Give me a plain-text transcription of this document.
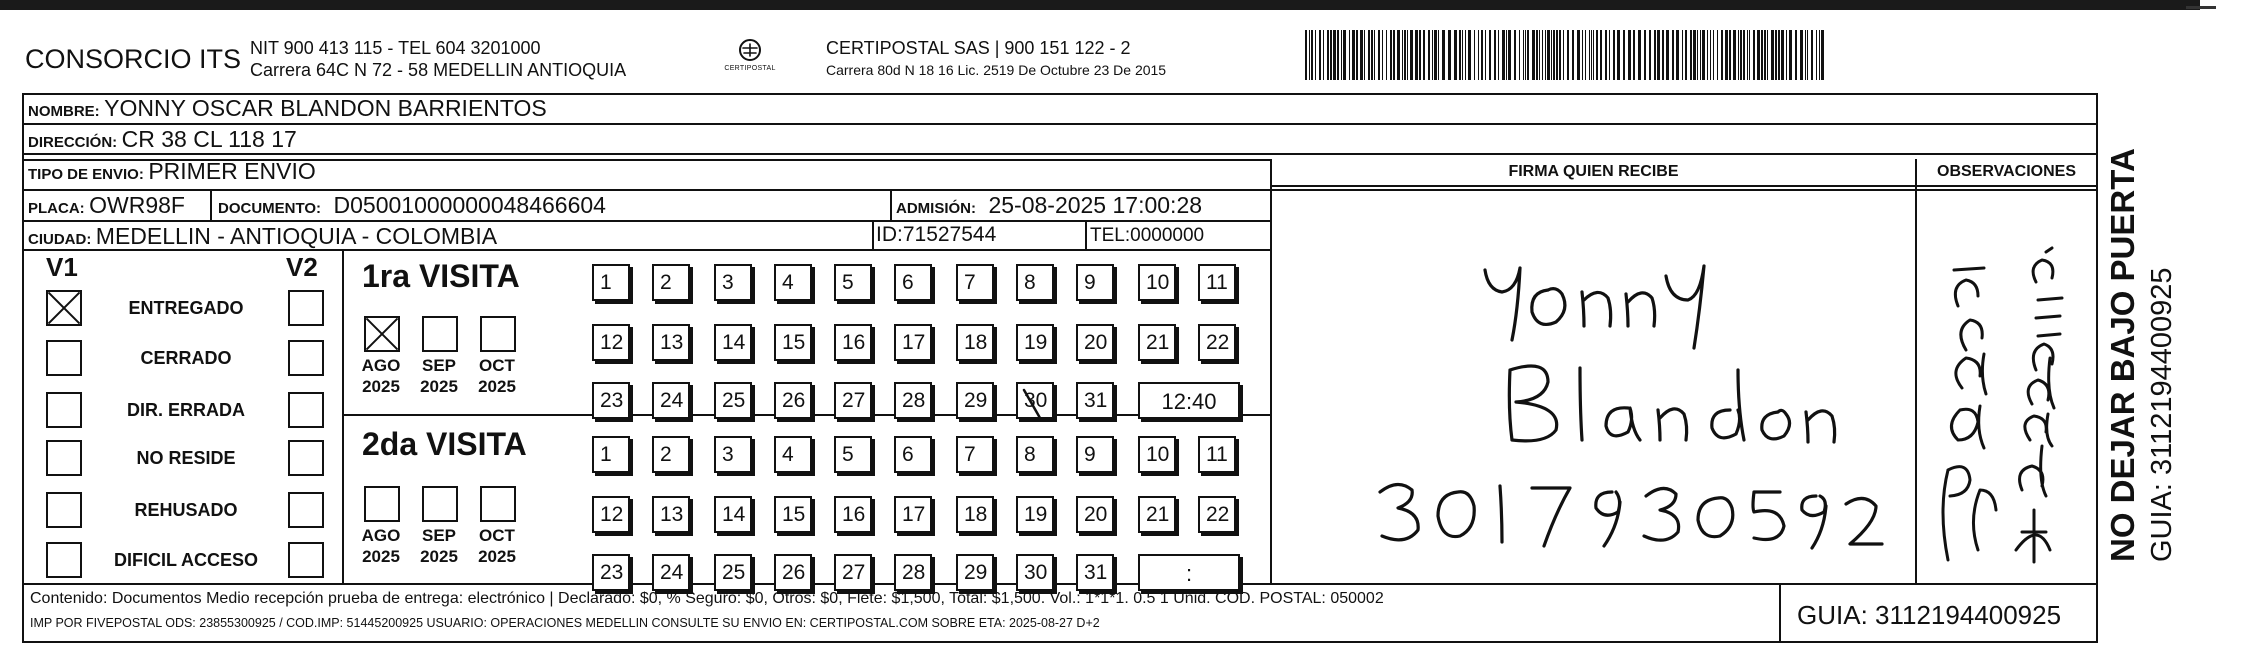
CONSORCIO ITS NIT 900 413 115 - TEL 604 3201000
Carrera 64C N 72 - 58 MEDELLIN ANTIOQUIA	CERTIPOSTAL
CERTIPOSTAL SAS | 900 151 122 - 2
Carrera 80d N 18 16 Lic. 2519 De Octubre 23 De 2015
NOMBRE: YONNY OSCAR BLANDON BARRIENTOS
DIRECCIÓN: CR 38 CL 118 17
TIPO DE ENVIO: PRIMER ENVIO
PLACA: OWR98F DOCUMENTO: D05001000000048466604	ADMISIÓN: 25-08-2025 17:00:28
CIUDAD: MEDELLIN - ANTIOQUIA - COLOMBIA	ID:71527544	TEL:0000000
FIRMA QUIEN RECIBE	OBSERVACIONES
V1	V2
ENTREGADO
CERRADO
DIR. ERRADA
NO RESIDE
REHUSADO
DIFICIL ACCESO
1ra VISITA
2da VISITA
AGO
2025
SEP
2025
OCT
2025
AGO
2025
SEP
2025
OCT
2025
1	2	3	4	5	6	7	8	9	10	11
12	13	14	15	16	17	18	19	20	21	22
23	24	25	26	27	28	29	30	31	12:40
1	2	3	4	5	6	7	8	9	10	11
12	13	14	15	16	17	18	19	20	21	22
23	24	25	26	27	28	29	30	31	:
Contenido: Documentos Medio recepción prueba de entrega: electrónico | Declarado: $0, % Seguro: $0, Otros: $0, Flete: $1,500, Total: $1,500. Vol.: 1*1*1. 0.5 1 Unid. COD. POSTAL: 050002
IMP POR FIVEPOSTAL ODS: 23855300925 / COD.IMP: 51445200925 USUARIO: OPERACIONES MEDELLIN CONSULTE SU ENVIO EN: CERTIPOSTAL.COM SOBRE ETA: 2025-08-27 D+2	GUIA: 3112194400925
NO DEJAR BAJO PUERTA GUIA: 3112194400925
